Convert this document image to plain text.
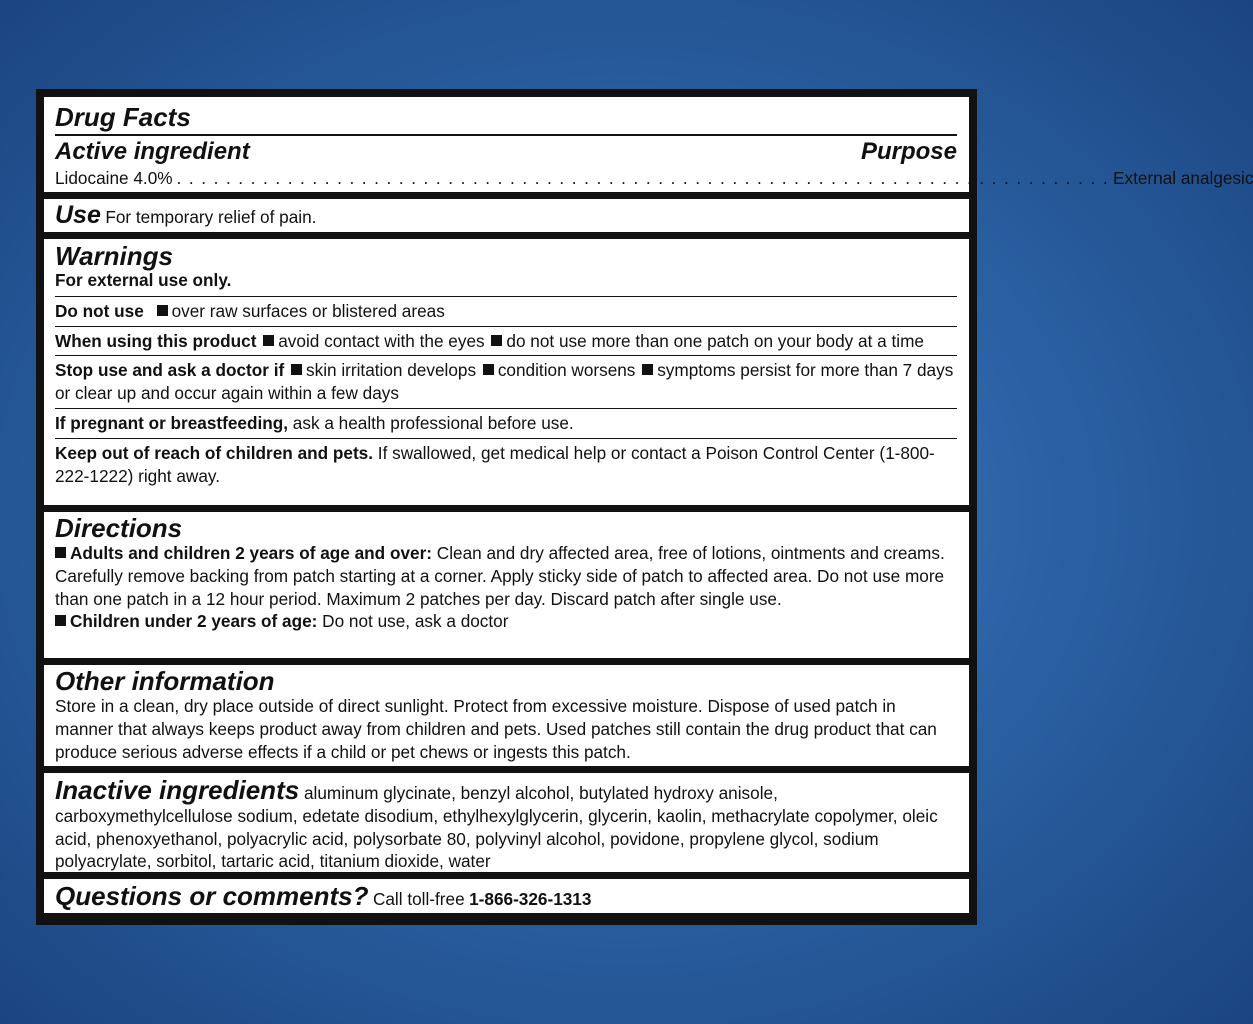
Drug Facts
Active ingredient	Purpose
Lidocaine 4.0% . . . . . . . . . . . . . . . . . . . . . . . . . . . . . . . . . . . . . . . . . . . . . . . . . . . . . . . . . . . . . . . . . . . . . . . . . . . . External analgesic
Use For temporary relief of pain.
Warnings
For external use only.
Do not use over raw surfaces or blistered areas
When using this product avoid contact with the eyes do not use more than one patch on your body at a time
Stop use and ask a doctor if skin irritation develops condition worsens symptoms persist for more than 7 days or clear up and occur again within a few days
If pregnant or breastfeeding, ask a health professional before use.
Keep out of reach of children and pets. If swallowed, get medical help or contact a Poison Control Center (1-800-222-1222) right away.
Directions
Adults and children 2 years of age and over: Clean and dry affected area, free of lotions, ointments and creams. Carefully remove backing from patch starting at a corner. Apply sticky side of patch to affected area. Do not use more than one patch in a 12 hour period. Maximum 2 patches per day. Discard patch after single use.
Children under 2 years of age: Do not use, ask a doctor
Other information
Store in a clean, dry place outside of direct sunlight. Protect from excessive moisture. Dispose of used patch in manner that always keeps product away from children and pets. Used patches still contain the drug product that can produce serious adverse effects if a child or pet chews or ingests this patch.
Inactive ingredients aluminum glycinate, benzyl alcohol, butylated hydroxy anisole, carboxymethylcellulose sodium, edetate disodium, ethylhexylglycerin, glycerin, kaolin, methacrylate copolymer, oleic acid, phenoxyethanol, polyacrylic acid, polysorbate 80, polyvinyl alcohol, povidone, propylene glycol, sodium polyacrylate, sorbitol, tartaric acid, titanium dioxide, water
Questions or comments? Call toll-free 1-866-326-1313
